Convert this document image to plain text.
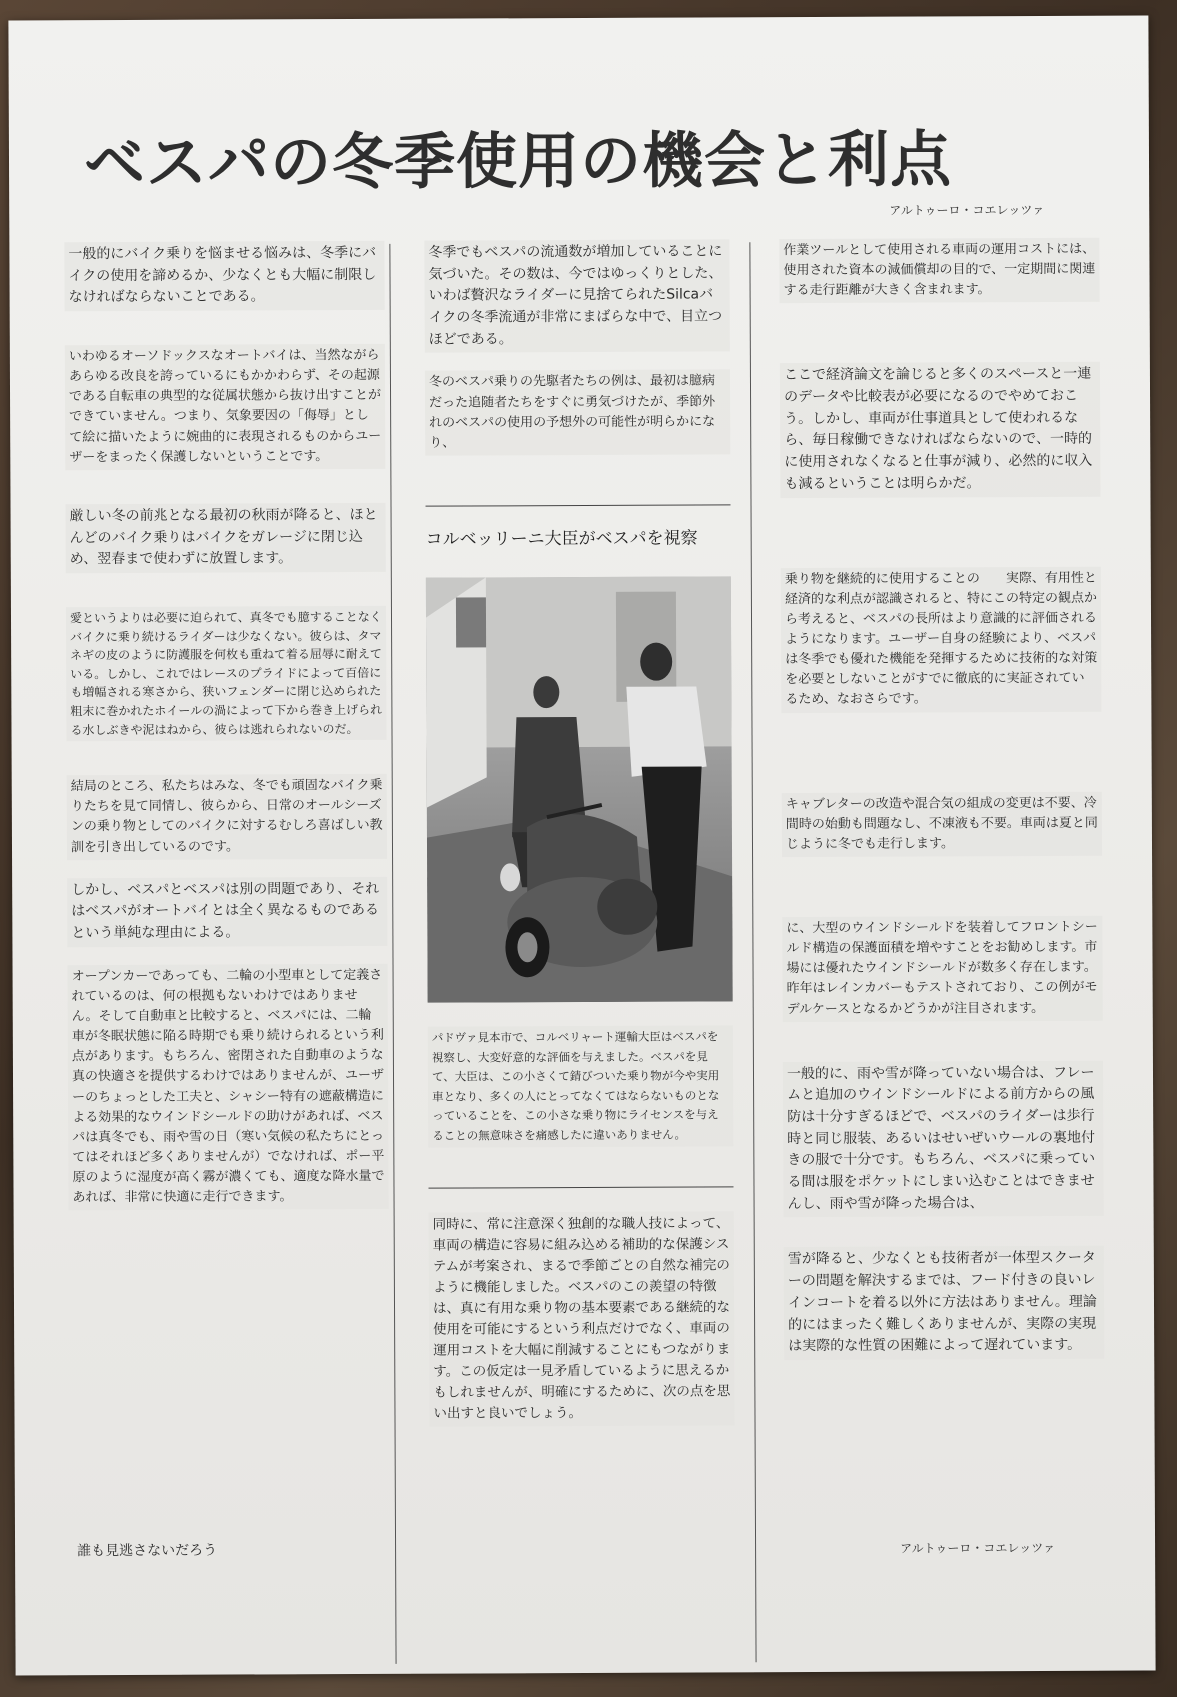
ベスパの冬季使用の機会と利点
アルトゥーロ・コエレッツァ

一般的にバイク乗りを悩ませる悩みは、冬季にバイクの使用を諦めるか、少なくとも大幅に制限しなければならないことである。

いわゆるオーソドックスなオートバイは、当然ながらあらゆる改良を誇っているにもかかわらず、その起源である自転車の典型的な従属状態から抜け出すことができていません。つまり、気象要因の「侮辱」として絵に描いたように婉曲的に表現されるものからユーザーをまったく保護しないということです。

厳しい冬の前兆となる最初の秋雨が降ると、ほとんどのバイク乗りはバイクをガレージに閉じ込め、翌春まで使わずに放置します。

愛というよりは必要に迫られて、真冬でも臆することなくバイクに乗り続けるライダーは少なくない。彼らは、タマネギの皮のように防護服を何枚も重ねて着る屈辱に耐えている。しかし、これではレースのプライドによって百倍にも増幅される寒さから、狭いフェンダーに閉じ込められた粗末に巻かれたホイールの渦によって下から巻き上げられる水しぶきや泥はねから、彼らは逃れられないのだ。

結局のところ、私たちはみな、冬でも頑固なバイク乗りたちを見て同情し、彼らから、日常のオールシーズンの乗り物としてのバイクに対するむしろ喜ばしい教訓を引き出しているのです。

しかし、ベスパとベスパは別の問題であり、それはベスパがオートバイとは全く異なるものであるという単純な理由による。

オープンカーであっても、二輪の小型車として定義されているのは、何の根拠もないわけではありません。そして自動車と比較すると、ベスパには、二輪車が冬眠状態に陥る時期でも乗り続けられるという利点があります。もちろん、密閉された自動車のような真の快適さを提供するわけではありませんが、ユーザーのちょっとした工夫と、シャシー特有の遮蔽構造による効果的なウインドシールドの助けがあれば、ベスパは真冬でも、雨や雪の日（寒い気候の私たちにとってはそれほど多くありませんが）でなければ、ポー平原のように湿度が高く霧が濃くても、適度な降水量であれば、非常に快適に走行できます。

誰も見逃さないだろう

冬季でもベスパの流通数が増加していることに気づいた。その数は、今ではゆっくりとした、いわば贅沢なライダーに見捨てられたSilcaバイクの冬季流通が非常にまばらな中で、目立つほどである。

冬のベスパ乗りの先駆者たちの例は、最初は臆病だった追随者たちをすぐに勇気づけたが、季節外れのベスパの使用の予想外の可能性が明らかになり、

コルベッリーニ大臣がベスパを視察

パドヴァ見本市で、コルベリャート運輸大臣はベスパを視察し、大変好意的な評価を与えました。ベスパを見て、大臣は、この小さくて錆びついた乗り物が今や実用車となり、多くの人にとってなくてはならないものとなっていることを、この小さな乗り物にライセンスを与えることの無意味さを痛感したに違いありません。

同時に、常に注意深く独創的な職人技によって、車両の構造に容易に組み込める補助的な保護システムが考案され、まるで季節ごとの自然な補完のように機能しました。ベスパのこの羨望の特徴は、真に有用な乗り物の基本要素である継続的な使用を可能にするという利点だけでなく、車両の運用コストを大幅に削減することにもつながります。この仮定は一見矛盾しているように思えるかもしれませんが、明確にするために、次の点を思い出すと良いでしょう。

作業ツールとして使用される車両の運用コストには、使用された資本の減価償却の目的で、一定期間に関連する走行距離が大きく含まれます。

ここで経済論文を論じると多くのスペースと一連のデータや比較表が必要になるのでやめておこう。しかし、車両が仕事道具として使われるなら、毎日稼働できなければならないので、一時的に使用されなくなると仕事が減り、必然的に収入も減るということは明らかだ。

乗り物を継続的に使用することの　　実際、有用性と経済的な利点が認識されると、特にこの特定の観点から考えると、ベスパの長所はより意識的に評価されるようになります。ユーザー自身の経験により、ベスパは冬季でも優れた機能を発揮するために技術的な対策を必要としないことがすでに徹底的に実証されているため、なおさらです。

キャブレターの改造や混合気の組成の変更は不要、冷間時の始動も問題なし、不凍液も不要。車両は夏と同じように冬でも走行します。

に、大型のウインドシールドを装着してフロントシールド構造の保護面積を増やすことをお勧めします。市場には優れたウインドシールドが数多く存在します。昨年はレインカバーもテストされており、この例がモデルケースとなるかどうかが注目されます。

一般的に、雨や雪が降っていない場合は、フレームと追加のウインドシールドによる前方からの風防は十分すぎるほどで、ベスパのライダーは歩行時と同じ服装、あるいはせいぜいウールの裏地付きの服で十分です。もちろん、ベスパに乗っている間は服をポケットにしまい込むことはできませんし、雨や雪が降った場合は、

雪が降ると、少なくとも技術者が一体型スクーターの問題を解決するまでは、フード付きの良いレインコートを着る以外に方法はありません。理論的にはまったく難しくありませんが、実際の実現は実際的な性質の困難によって遅れています。

アルトゥーロ・コエレッツァ
